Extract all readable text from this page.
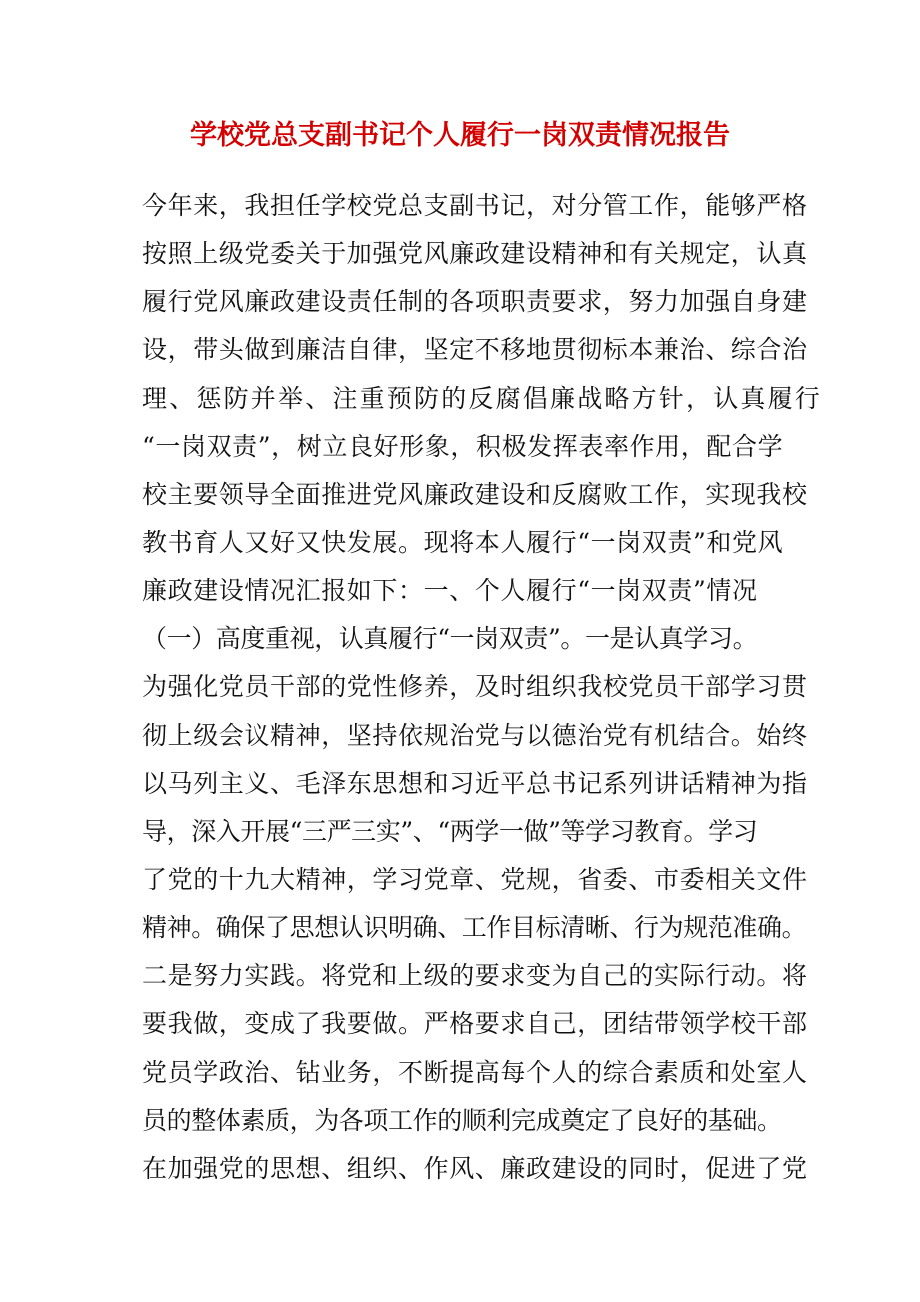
学校党总支副书记个人履行一岗双责情况报告
今年来，我担任学校党总支副书记，对分管工作，能够严格
按照上级党委关于加强党风廉政建设精神和有关规定，认真
履行党风廉政建设责任制的各项职责要求，努力加强自身建
设，带头做到廉洁自律，坚定不移地贯彻标本兼治、综合治
理、惩防并举、注重预防的反腐倡廉战略方针，认真履行
“一岗双责”，树立良好形象，积极发挥表率作用，配合学
校主要领导全面推进党风廉政建设和反腐败工作，实现我校
教书育人又好又快发展。现将本人履行“一岗双责”和党风
廉政建设情况汇报如下：一、个人履行“一岗双责”情况
（一）高度重视，认真履行“一岗双责”。一是认真学习。
为强化党员干部的党性修养，及时组织我校党员干部学习贯
彻上级会议精神，坚持依规治党与以德治党有机结合。始终
以马列主义、毛泽东思想和习近平总书记系列讲话精神为指
导，深入开展“三严三实”、“两学一做”等学习教育。学习
了党的十九大精神，学习党章、党规，省委、市委相关文件
精神。确保了思想认识明确、工作目标清晰、行为规范准确。
二是努力实践。将党和上级的要求变为自己的实际行动。将
要我做，变成了我要做。严格要求自己，团结带领学校干部
党员学政治、钻业务，不断提高每个人的综合素质和处室人
员的整体素质，为各项工作的顺利完成奠定了良好的基础。
在加强党的思想、组织、作风、廉政建设的同时，促进了党
